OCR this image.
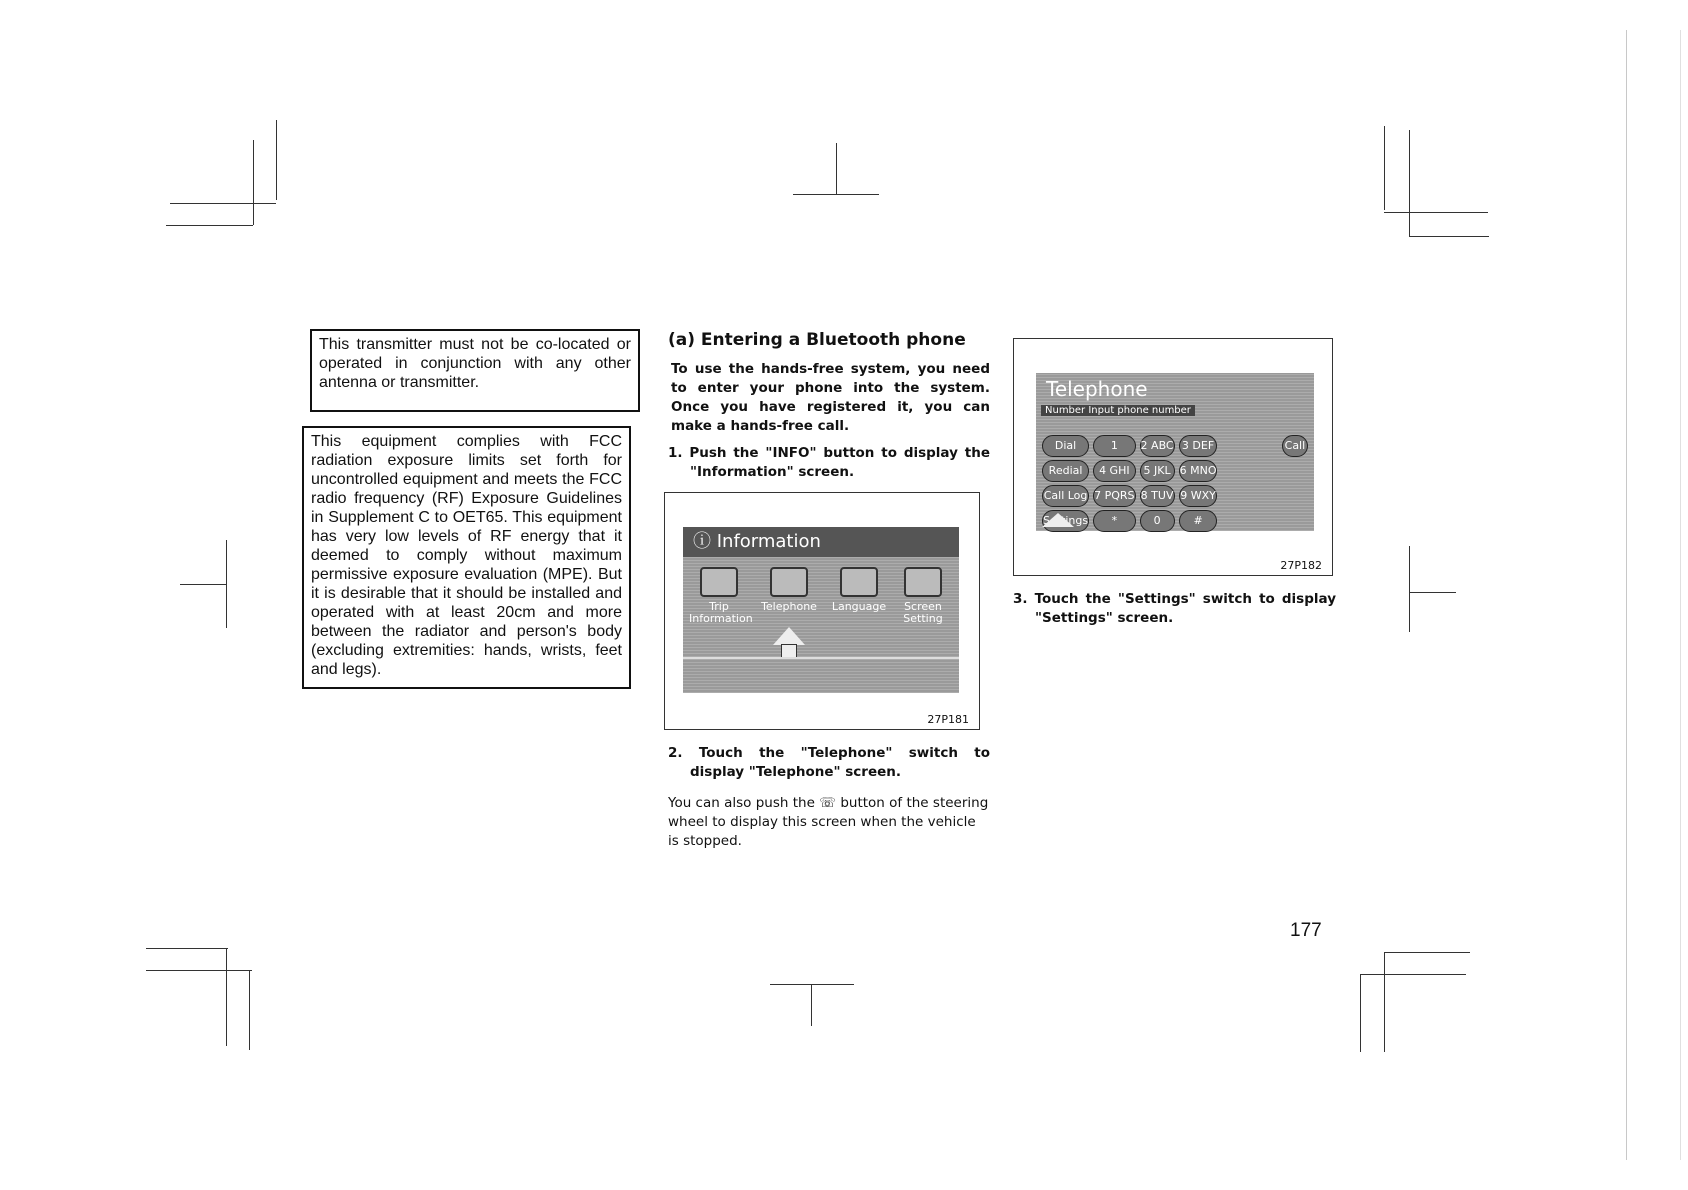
This transmitter must not be co-located or operated in conjunction with any other antenna or transmitter.
This equipment complies with FCC radiation exposure limits set forth for uncontrolled equipment and meets the FCC radio frequency (RF) Exposure Guidelines in Supplement C to OET65. This equipment has very low levels of RF energy that it deemed to comply without maximum permissive exposure evaluation (MPE). But it is desirable that it should be installed and operated with at least 20cm and more between the radiator and person's body (excluding extremities: hands, wrists, feet and legs).

(a) Entering a Bluetooth phone

To use the hands-free system, you need to enter your phone into the system. Once you have registered it, you can make a hands-free call.

1. Push the "INFO" button to display the "Information" screen.

ⓘ Information
Trip Information
Telephone Language	Screen Setting
27P181

2. Touch the "Telephone" switch to display "Telephone" screen.

You can also push the ☏ button of the steering wheel to display this screen when the vehicle is stopped.

Telephone
Number Input phone number
Dial	1	2 ABC 3 DEF	Call
Redial	4 GHI	5 JKL 6 MNO
Call Log 7 PQRS 8 TUV 9 WXY
Settings	*	0	#
27P182

3. Touch the "Settings" switch to display "Settings" screen.

177
